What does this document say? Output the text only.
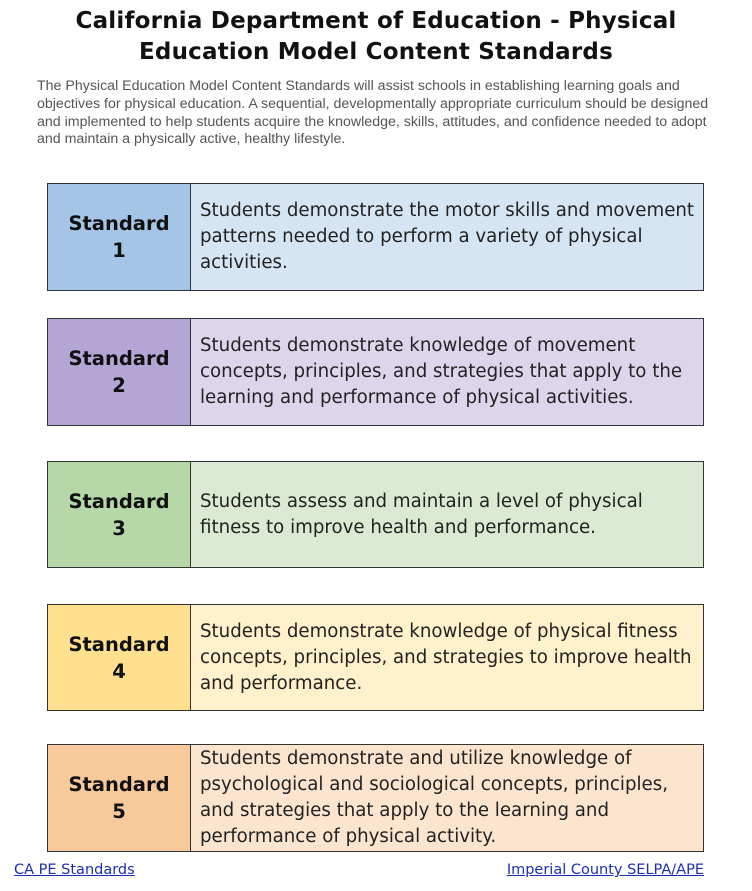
California Department of Education - Physical
Education Model Content Standards
The Physical Education Model Content Standards will assist schools in establishing learning goals and objectives for physical education. A sequential, developmentally appropriate curriculum should be designed and implemented to help students acquire the knowledge, skills, attitudes, and confidence needed to adopt and maintain a physically active, healthy lifestyle.
Standard
1
Students demonstrate the motor skills and movement patterns needed to perform a variety of physical activities.
Standard
2
Students demonstrate knowledge of movement concepts, principles, and strategies that apply to the learning and performance of physical activities.
Standard
3
Students assess and maintain a level of physical fitness to improve health and performance.
Standard
4
Students demonstrate knowledge of physical fitness concepts, principles, and strategies to improve health and performance.
Standard
5
Students demonstrate and utilize knowledge of psychological and sociological concepts, principles, and strategies that apply to the learning and performance of physical activity.
CA PE Standards	Imperial County SELPA/APE
